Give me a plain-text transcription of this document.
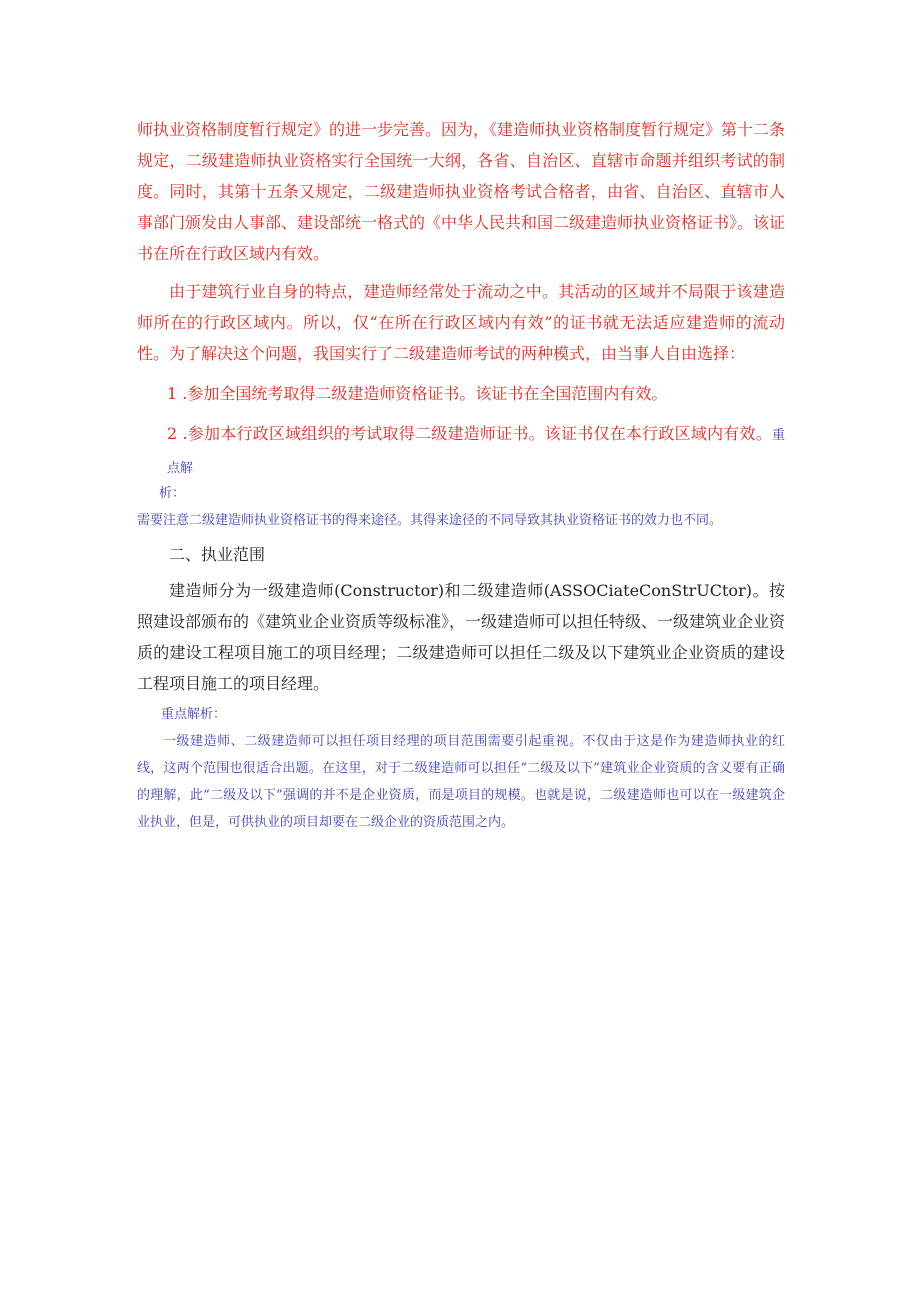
师执业资格制度暂行规定》的进一步完善。因为，《建造师执业资格制度暂行规定》第十二条规定，二级建造师执业资格实行全国统一大纲，各省、自治区、直辖市命题并组织考试的制度。同时，其第十五条又规定，二级建造师执业资格考试合格者，由省、自治区、直辖市人事部门颁发由人事部、建设部统一格式的《中华人民共和国二级建造师执业资格证书》。该证书在所在行政区域内有效。

由于建筑行业自身的特点，建造师经常处于流动之中。其活动的区域并不局限于该建造师所在的行政区域内。所以，仅“在所在行政区域内有效”的证书就无法适应建造师的流动性。为了解决这个问题，我国实行了二级建造师考试的两种模式，由当事人自由选择：

1 .参加全国统考取得二级建造师资格证书。该证书在全国范围内有效。

2 .参加本行政区域组织的考试取得二级建造师证书。该证书仅在本行政区域内有效。重点解

析：

需要注意二级建造师执业资格证书的得来途径。其得来途径的不同导致其执业资格证书的效力也不同。

二、执业范围

建造师分为一级建造师(Constructor)和二级建造师(ASSOCiateConStrUCtor)。按照建设部颁布的《建筑业企业资质等级标准》，一级建造师可以担任特级、一级建筑业企业资质的建设工程项目施工的项目经理；二级建造师可以担任二级及以下建筑业企业资质的建设工程项目施工的项目经理。

重点解析：

一级建造师、二级建造师可以担任项目经理的项目范围需要引起重视。不仅由于这是作为建造师执业的红线，这两个范围也很适合出题。在这里，对于二级建造师可以担任“二级及以下”建筑业企业资质的含义要有正确的理解，此“二级及以下”强调的并不是企业资质，而是项目的规模。也就是说，二级建造师也可以在一级建筑企业执业，但是，可供执业的项目却要在二级企业的资质范围之内。
